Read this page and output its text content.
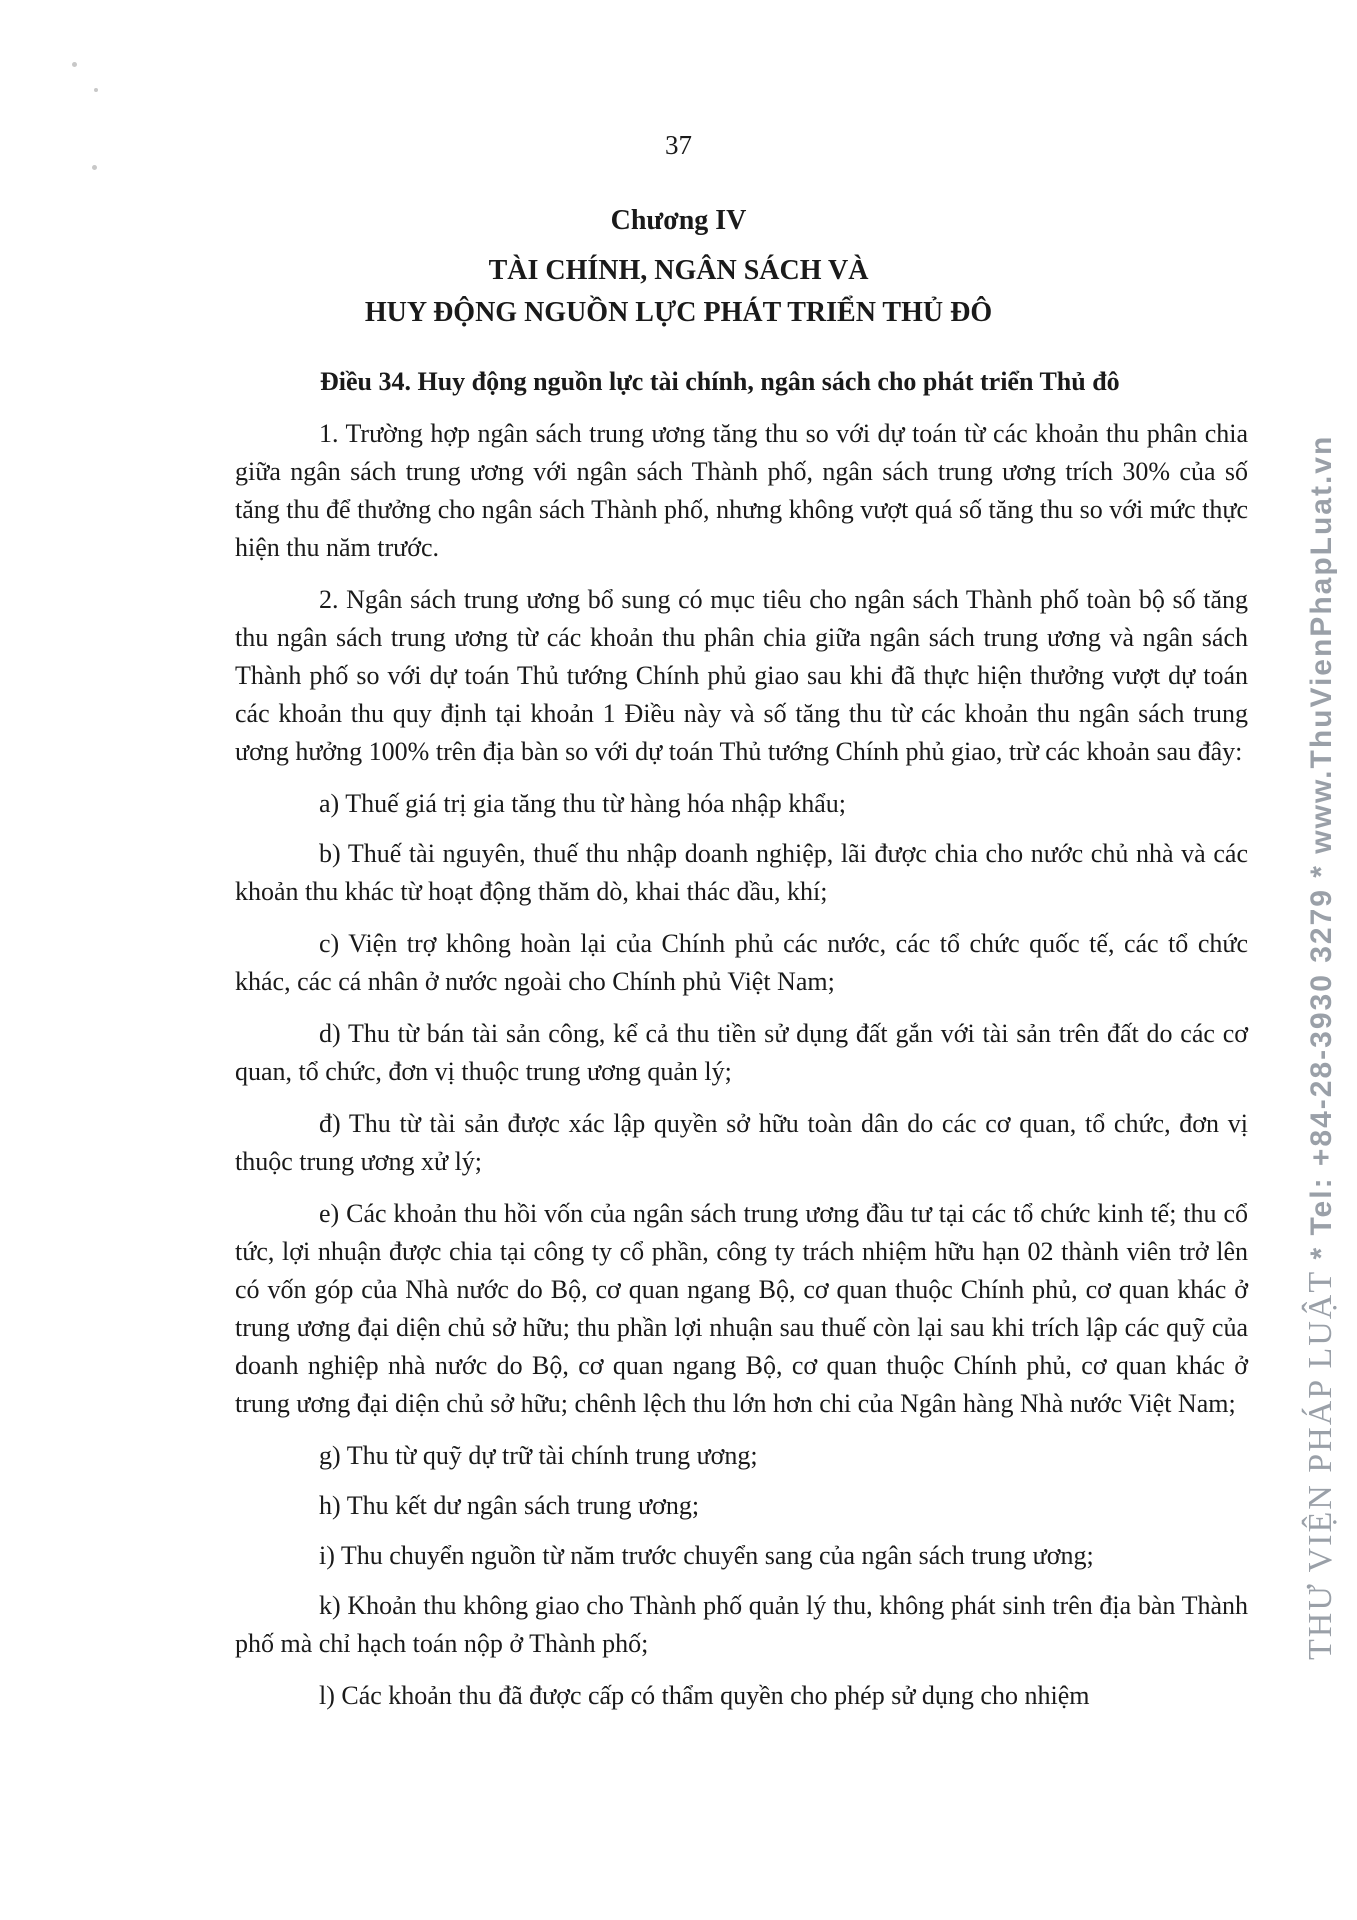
37
Chương IV
TÀI CHÍNH, NGÂN SÁCH VÀ
HUY ĐỘNG NGUỒN LỰC PHÁT TRIỂN THỦ ĐÔ
Điều 34. Huy động nguồn lực tài chính, ngân sách cho phát triển Thủ đô

1. Trường hợp ngân sách trung ương tăng thu so với dự toán từ các khoản thu phân chia giữa ngân sách trung ương với ngân sách Thành phố, ngân sách trung ương trích 30% của số tăng thu để thưởng cho ngân sách Thành phố, nhưng không vượt quá số tăng thu so với mức thực hiện thu năm trước.

2. Ngân sách trung ương bổ sung có mục tiêu cho ngân sách Thành phố toàn bộ số tăng thu ngân sách trung ương từ các khoản thu phân chia giữa ngân sách trung ương và ngân sách Thành phố so với dự toán Thủ tướng Chính phủ giao sau khi đã thực hiện thưởng vượt dự toán các khoản thu quy định tại khoản 1 Điều này và số tăng thu từ các khoản thu ngân sách trung ương hưởng 100% trên địa bàn so với dự toán Thủ tướng Chính phủ giao, trừ các khoản sau đây:

a) Thuế giá trị gia tăng thu từ hàng hóa nhập khẩu;

b) Thuế tài nguyên, thuế thu nhập doanh nghiệp, lãi được chia cho nước chủ nhà và các khoản thu khác từ hoạt động thăm dò, khai thác dầu, khí;

c) Viện trợ không hoàn lại của Chính phủ các nước, các tổ chức quốc tế, các tổ chức khác, các cá nhân ở nước ngoài cho Chính phủ Việt Nam;

d) Thu từ bán tài sản công, kể cả thu tiền sử dụng đất gắn với tài sản trên đất do các cơ quan, tổ chức, đơn vị thuộc trung ương quản lý;

đ) Thu từ tài sản được xác lập quyền sở hữu toàn dân do các cơ quan, tổ chức, đơn vị thuộc trung ương xử lý;

e) Các khoản thu hồi vốn của ngân sách trung ương đầu tư tại các tổ chức kinh tế; thu cổ tức, lợi nhuận được chia tại công ty cổ phần, công ty trách nhiệm hữu hạn 02 thành viên trở lên có vốn góp của Nhà nước do Bộ, cơ quan ngang Bộ, cơ quan thuộc Chính phủ, cơ quan khác ở trung ương đại diện chủ sở hữu; thu phần lợi nhuận sau thuế còn lại sau khi trích lập các quỹ của doanh nghiệp nhà nước do Bộ, cơ quan ngang Bộ, cơ quan thuộc Chính phủ, cơ quan khác ở trung ương đại diện chủ sở hữu; chênh lệch thu lớn hơn chi của Ngân hàng Nhà nước Việt Nam;

g) Thu từ quỹ dự trữ tài chính trung ương;

h) Thu kết dư ngân sách trung ương;

i) Thu chuyển nguồn từ năm trước chuyển sang của ngân sách trung ương;

k) Khoản thu không giao cho Thành phố quản lý thu, không phát sinh trên địa bàn Thành phố mà chỉ hạch toán nộp ở Thành phố;

l) Các khoản thu đã được cấp có thẩm quyền cho phép sử dụng cho nhiệm

THƯ VIỆN PHÁP LUẬT * Tel: +84-28-3930 3279 * www.ThuVienPhapLuat.vn
